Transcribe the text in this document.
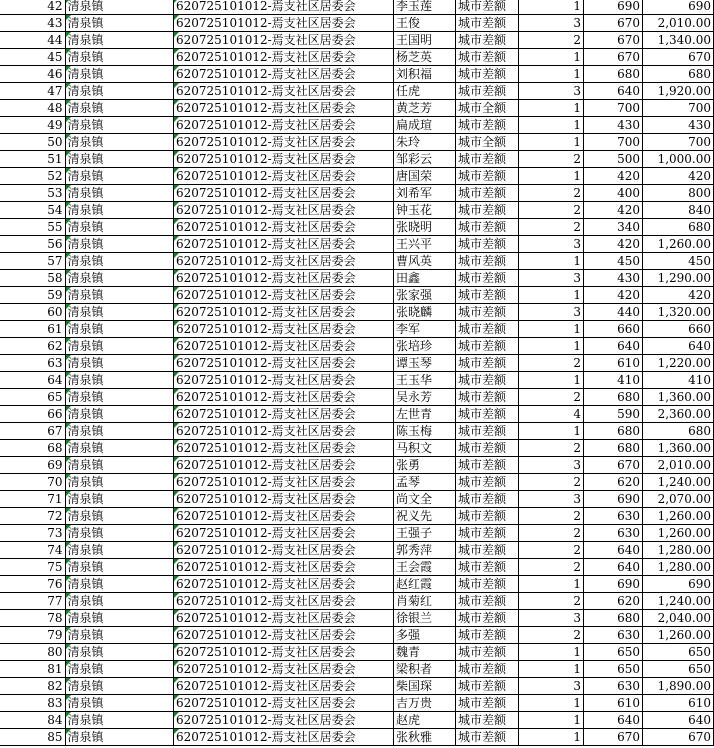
42	清泉镇		620725101012-焉支社区居委会	李玉莲	城市差额	1	690	690
43	清泉镇		620725101012-焉支社区居委会	王俊	城市差额	3	670	2,010.00
44	清泉镇		620725101012-焉支社区居委会	王国明	城市差额	2	670	1,340.00
45	清泉镇		620725101012-焉支社区居委会	杨芝英	城市差额	1	670	670
46	清泉镇		620725101012-焉支社区居委会	刘积福	城市差额	1	680	680
47	清泉镇		620725101012-焉支社区居委会	任虎	城市差额	3	640	1,920.00
48	清泉镇		620725101012-焉支社区居委会	黄芝芳	城市全额	1	700	700
49	清泉镇		620725101012-焉支社区居委会	扁成瑄	城市差额	1	430	430
50	清泉镇		620725101012-焉支社区居委会	朱玲	城市全额	1	700	700
51	清泉镇		620725101012-焉支社区居委会	邹彩云	城市差额	2	500	1,000.00
52	清泉镇		620725101012-焉支社区居委会	唐国荣	城市差额	1	420	420
53	清泉镇		620725101012-焉支社区居委会	刘希军	城市差额	2	400	800
54	清泉镇		620725101012-焉支社区居委会	钟玉花	城市差额	2	420	840
55	清泉镇		620725101012-焉支社区居委会	张晓明	城市差额	2	340	680
56	清泉镇		620725101012-焉支社区居委会	王兴平	城市差额	3	420	1,260.00
57	清泉镇		620725101012-焉支社区居委会	曹风英	城市差额	1	450	450
58	清泉镇		620725101012-焉支社区居委会	田鑫	城市差额	3	430	1,290.00
59	清泉镇		620725101012-焉支社区居委会	张家强	城市差额	1	420	420
60	清泉镇		620725101012-焉支社区居委会	张晓麟	城市差额	3	440	1,320.00
61	清泉镇		620725101012-焉支社区居委会	李军	城市差额	1	660	660
62	清泉镇		620725101012-焉支社区居委会	张培珍	城市差额	1	640	640
63	清泉镇		620725101012-焉支社区居委会	谭玉琴	城市差额	2	610	1,220.00
64	清泉镇		620725101012-焉支社区居委会	王玉华	城市差额	1	410	410
65	清泉镇		620725101012-焉支社区居委会	吴永芳	城市差额	2	680	1,360.00
66	清泉镇		620725101012-焉支社区居委会	左世青	城市差额	4	590	2,360.00
67	清泉镇		620725101012-焉支社区居委会	陈玉梅	城市差额	1	680	680
68	清泉镇		620725101012-焉支社区居委会	马积文	城市差额	2	680	1,360.00
69	清泉镇		620725101012-焉支社区居委会	张勇	城市差额	3	670	2,010.00
70	清泉镇		620725101012-焉支社区居委会	孟琴	城市差额	2	620	1,240.00
71	清泉镇		620725101012-焉支社区居委会	尚文全	城市差额	3	690	2,070.00
72	清泉镇		620725101012-焉支社区居委会	祝义先	城市差额	2	630	1,260.00
73	清泉镇		620725101012-焉支社区居委会	王强子	城市差额	2	630	1,260.00
74	清泉镇		620725101012-焉支社区居委会	郭秀萍	城市差额	2	640	1,280.00
75	清泉镇		620725101012-焉支社区居委会	王会霞	城市差额	2	640	1,280.00
76	清泉镇		620725101012-焉支社区居委会	赵红霞	城市差额	1	690	690
77	清泉镇		620725101012-焉支社区居委会	肖菊红	城市差额	2	620	1,240.00
78	清泉镇		620725101012-焉支社区居委会	徐银兰	城市差额	3	680	2,040.00
79	清泉镇		620725101012-焉支社区居委会	多强	城市差额	2	630	1,260.00
80	清泉镇		620725101012-焉支社区居委会	魏青	城市差额	1	650	650
81	清泉镇		620725101012-焉支社区居委会	梁积者	城市差额	1	650	650
82	清泉镇		620725101012-焉支社区居委会	柴国琛	城市差额	3	630	1,890.00
83	清泉镇		620725101012-焉支社区居委会	吉万贵	城市差额	1	610	610
84	清泉镇		620725101012-焉支社区居委会	赵虎	城市差额	1	640	640
85	清泉镇		620725101012-焉支社区居委会	张秋雅	城市差额	1	670	670
